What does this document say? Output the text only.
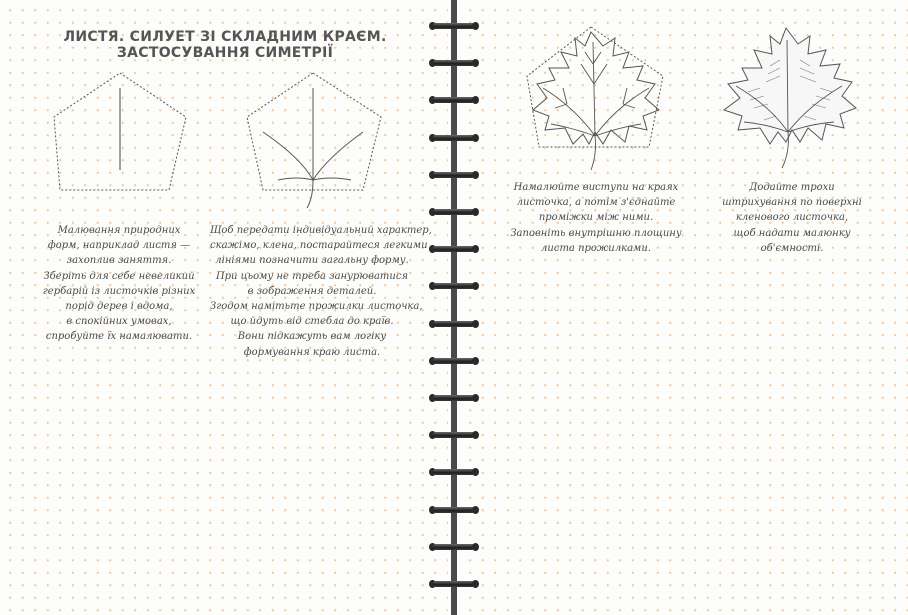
ЛИСТЯ. СИЛУЕТ ЗІ СКЛАДНИМ КРАЄМ.
ЗАСТОСУВАННЯ СИМЕТРІЇ
Малювання природних
форм, наприклад листя —
захоплив заняття.
Зберіть для себе невеликий
гербарій із листочків різних
порід дерев і вдома,
в спокійних умовах,
спробуйте їх намалювати.
Щоб передати індивідуальний характер,
скажімо, клена, постарайтеся легкими
лініями позначити загальну форму.
При цьому не треба занурюватися
в зображення деталей.
Згодом намітьте прожилки листочка,
що йдуть від стебла до країв.
Вони підкажуть вам логіку
формування краю листа.
Намалюйте виступи на краях
листочка, а потім з'єднайте
проміжки між ними.
Заповніть внутрішню площину
листа прожилками.
Додайте трохи
штрихування по поверхні
кленового листочка,
щоб надати малюнку
об'ємності.
